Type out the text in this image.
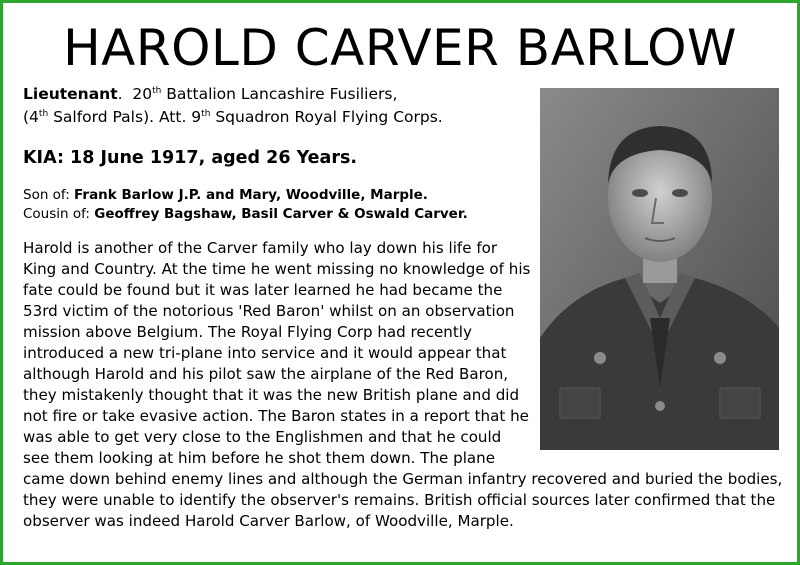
HAROLD CARVER BARLOW
Lieutenant.  20th Battalion Lancashire Fusiliers,
(4th Salford Pals). Att. 9th Squadron Royal Flying Corps.
KIA: 18 June 1917, aged 26 Years.
Son of: Frank Barlow J.P. and Mary, Woodville, Marple.
Cousin of: Geoffrey Bagshaw, Basil Carver & Oswald Carver.

Harold is another of the Carver family who lay down his life for King and Country. At the time he went missing no knowledge of his fate could be found but it was later learned he had became the 53rd victim of the notorious 'Red Baron' whilst on an observation mission above Belgium. The Royal Flying Corp had recently introduced a new tri-plane into service and it would appear that although Harold and his pilot saw the airplane of the Red Baron, they mistakenly thought that it was the new British plane and did not fire or take evasive action. The Baron states in a report that he was able to get very close to the Englishmen and that he could see them looking at him before he shot them down. The plane came down behind enemy lines and although the German infantry recovered and buried the bodies, they were unable to identify the observer's remains. British official sources later confirmed that the observer was indeed Harold Carver Barlow, of Woodville, Marple.
